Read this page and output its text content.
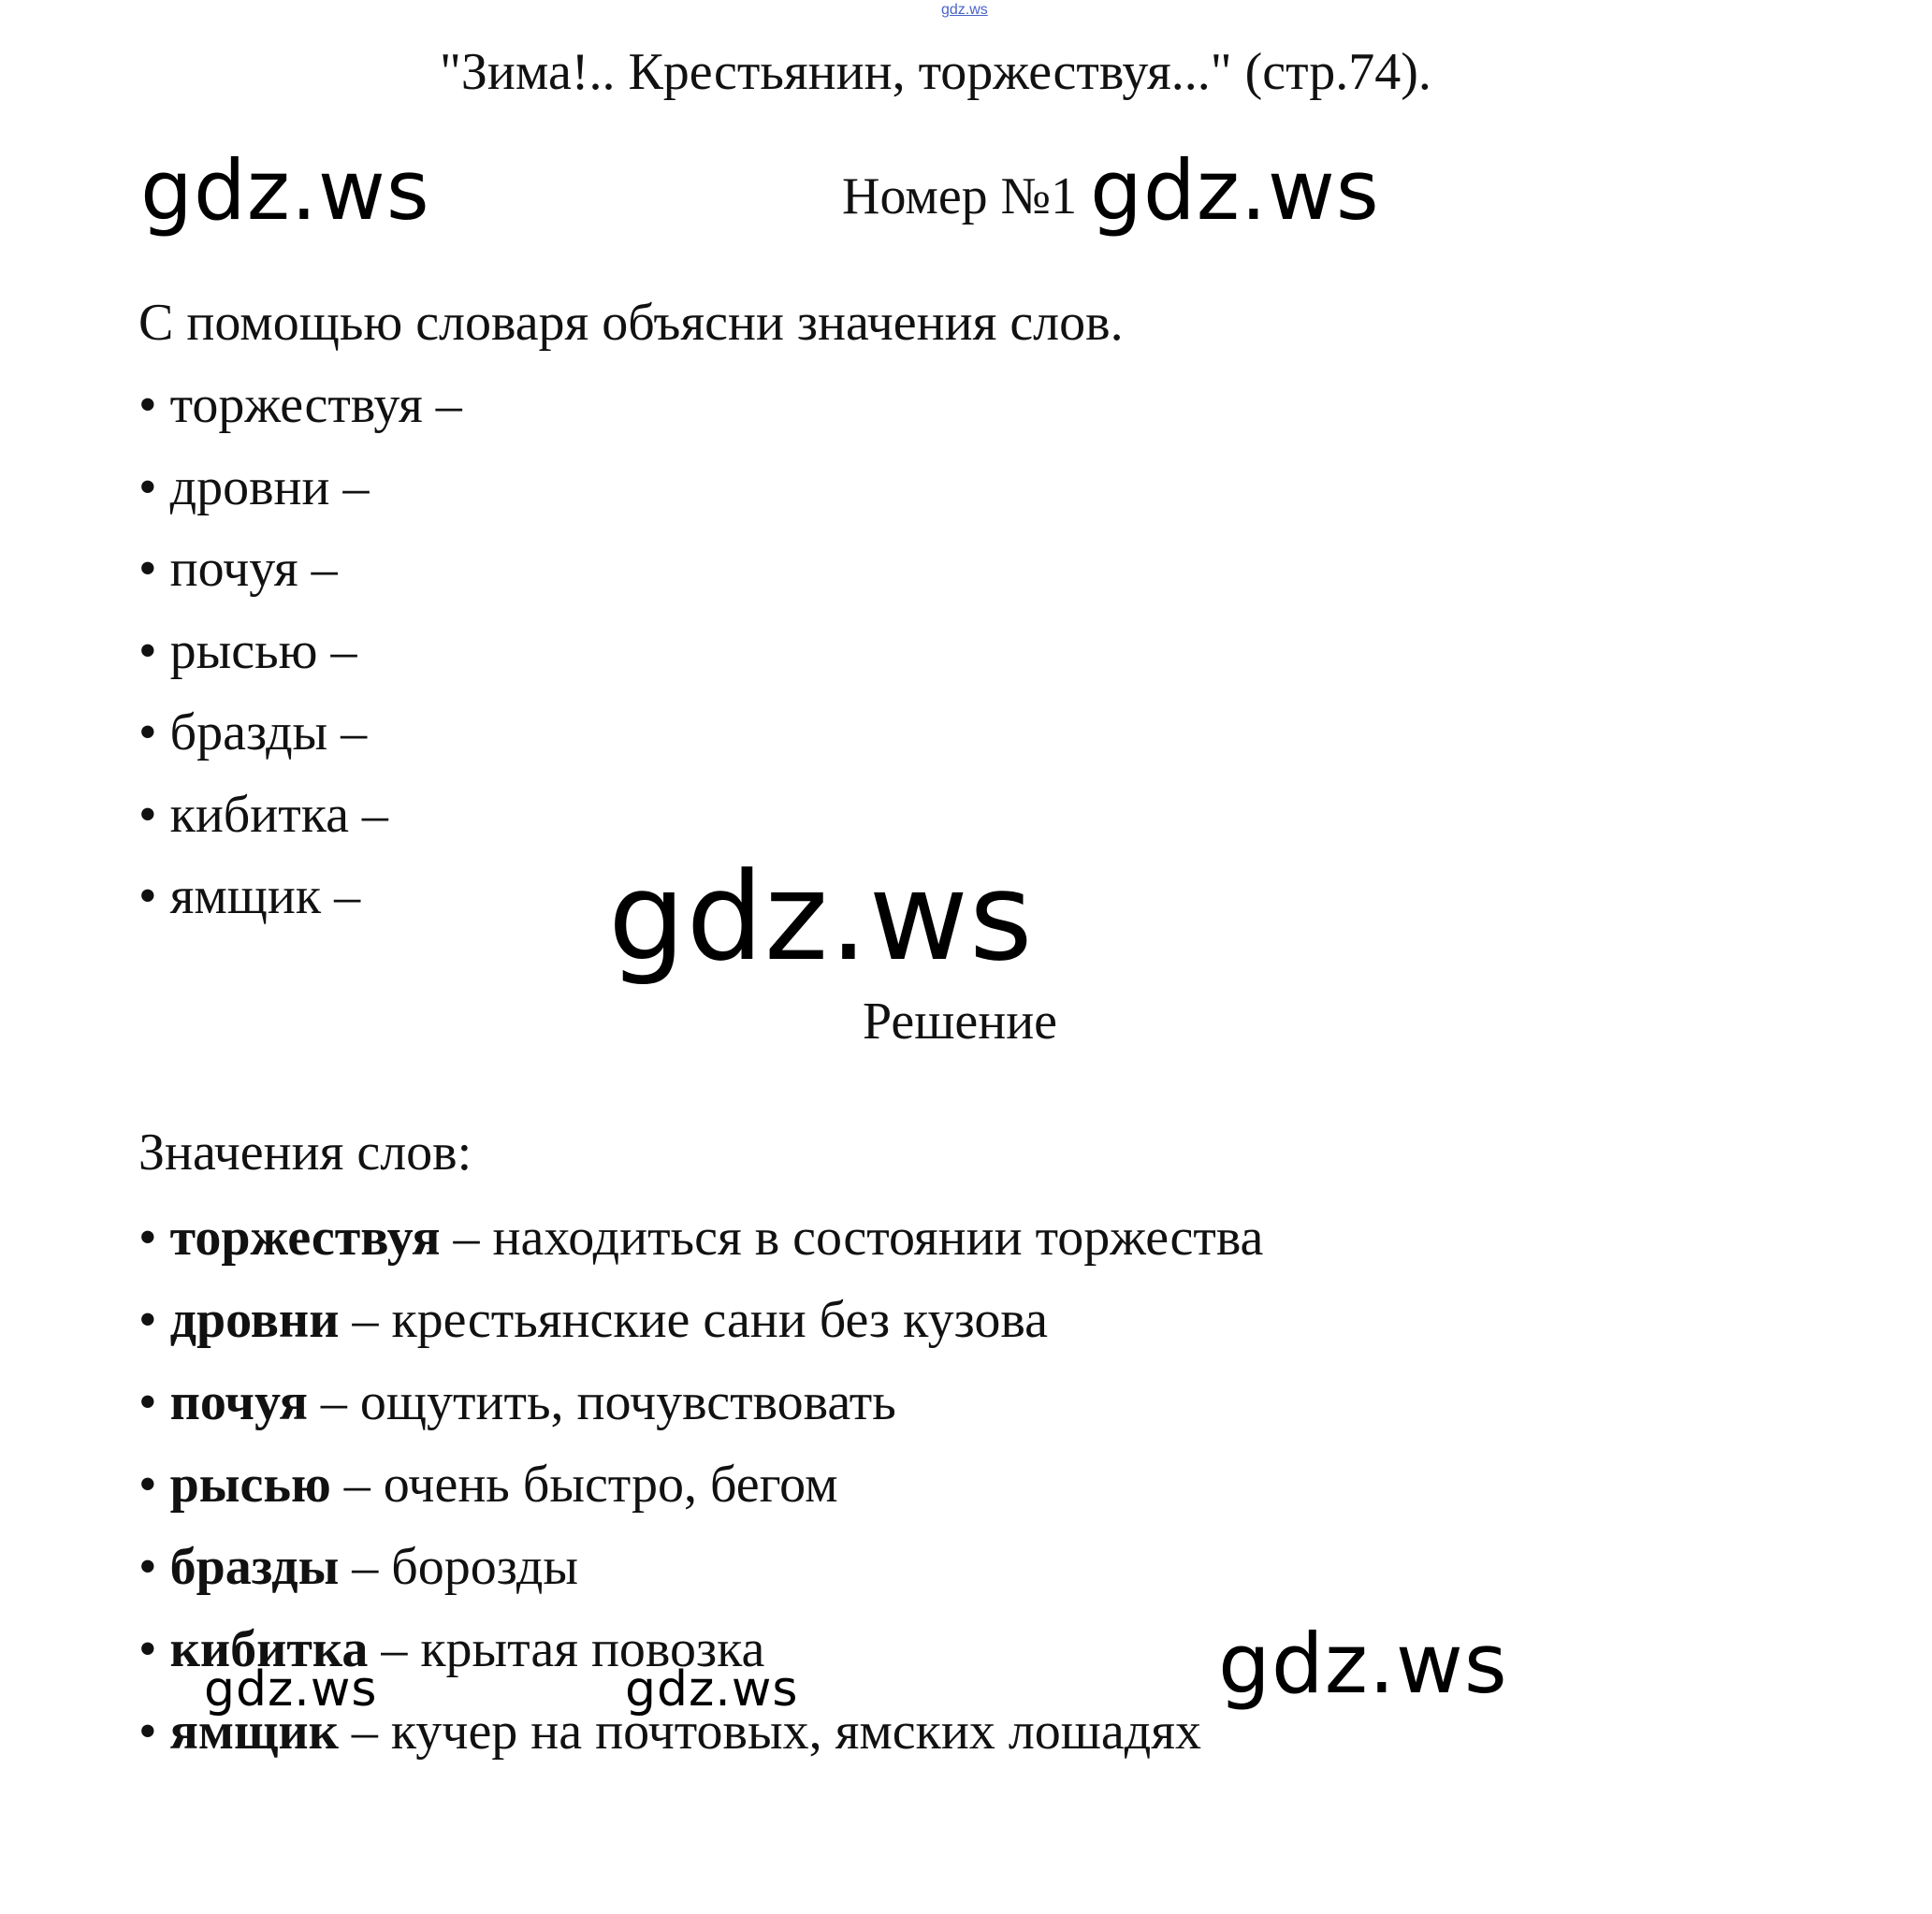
gdz.ws
"Зима!.. Крестьянин, торжествуя..." (стр.74).
Номер №1
С помощью словаря объясни значения слов.
• торжествуя –
• дровни –
• почуя –
• рысью –
• бразды –
• кибитка –
• ямщик –
Решение
Значения слов:
• торжествуя – находиться в состоянии торжества
• дровни – крестьянские сани без кузова
• почуя – ощутить, почувствовать
• рысью – очень быстро, бегом
• бразды – борозды
• кибитка – крытая повозка
• ямщик – кучер на почтовых, ямских лошадях
gdz.ws	gdz.ws
gdz.ws
gdz.ws
gdz.ws	gdz.ws
